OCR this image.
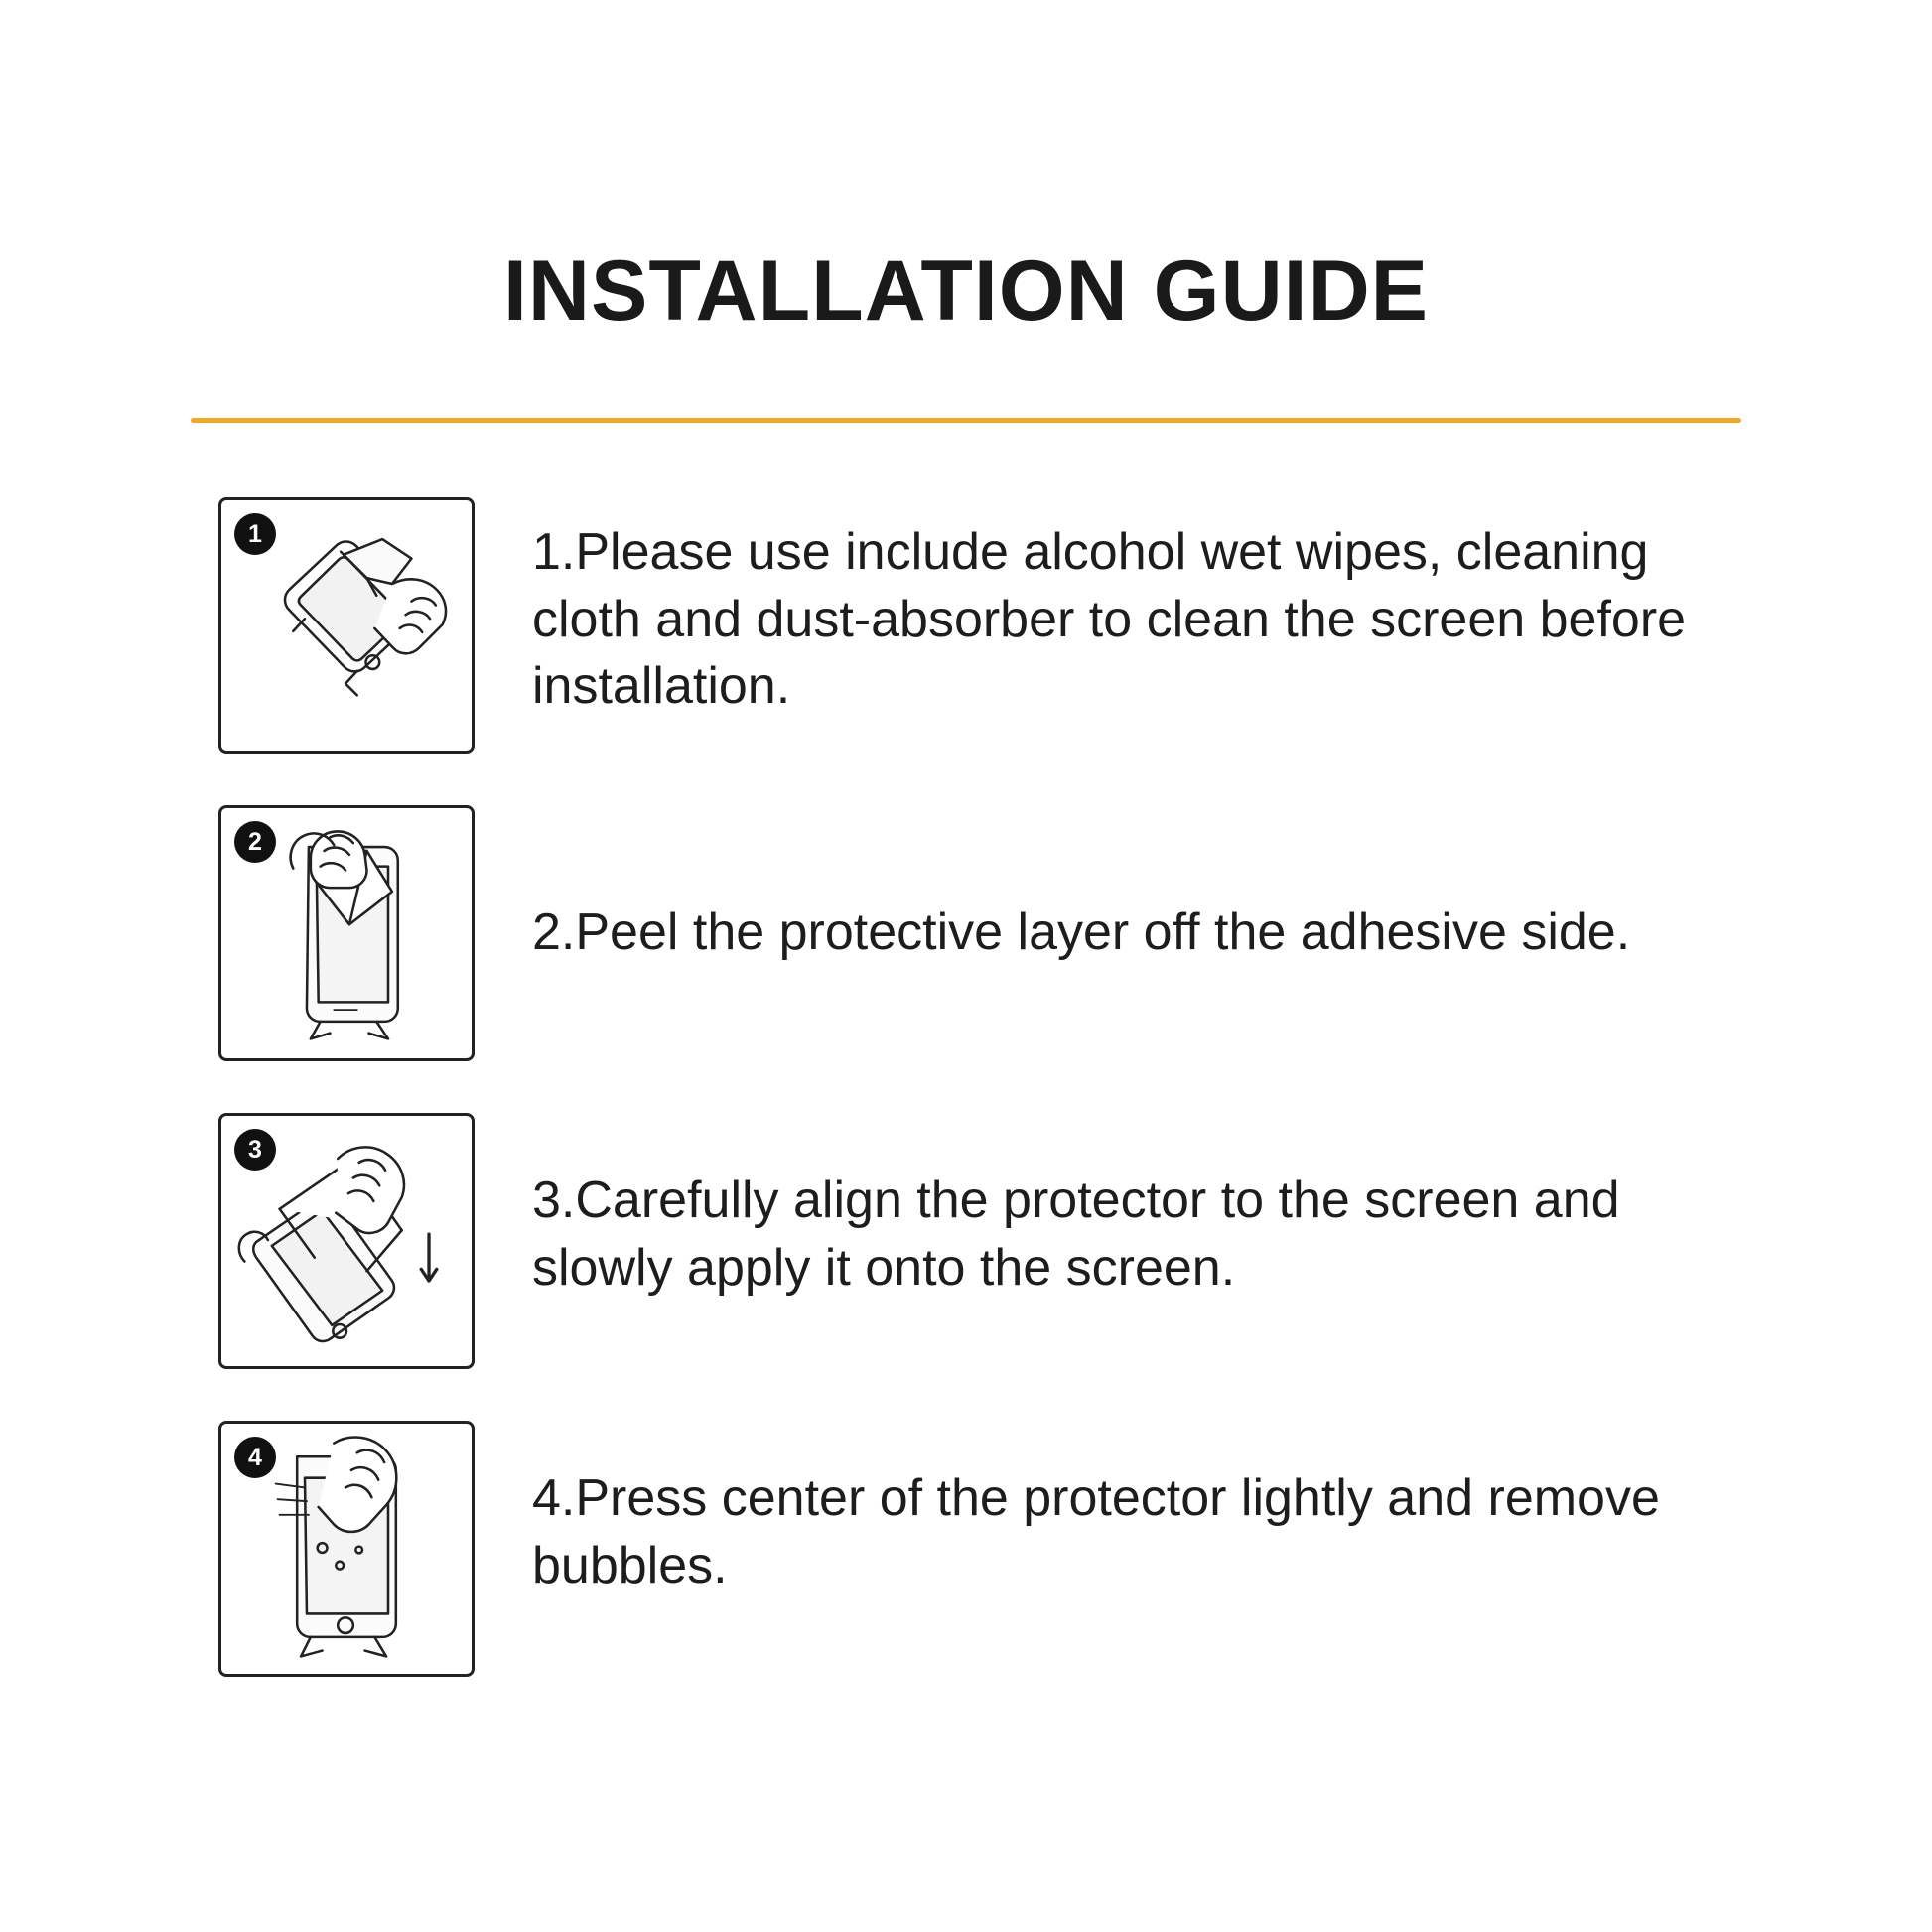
INSTALLATION GUIDE
1	1.Please use include alcohol wet wipes, cleaning cloth and dust-absorber to clean the screen before installation.
2
2.Peel the protective layer off the adhesive side.
3
3.Carefully align the protector to the screen and slowly apply it onto the screen.
4
4.Press center of the protector lightly and remove bubbles.
